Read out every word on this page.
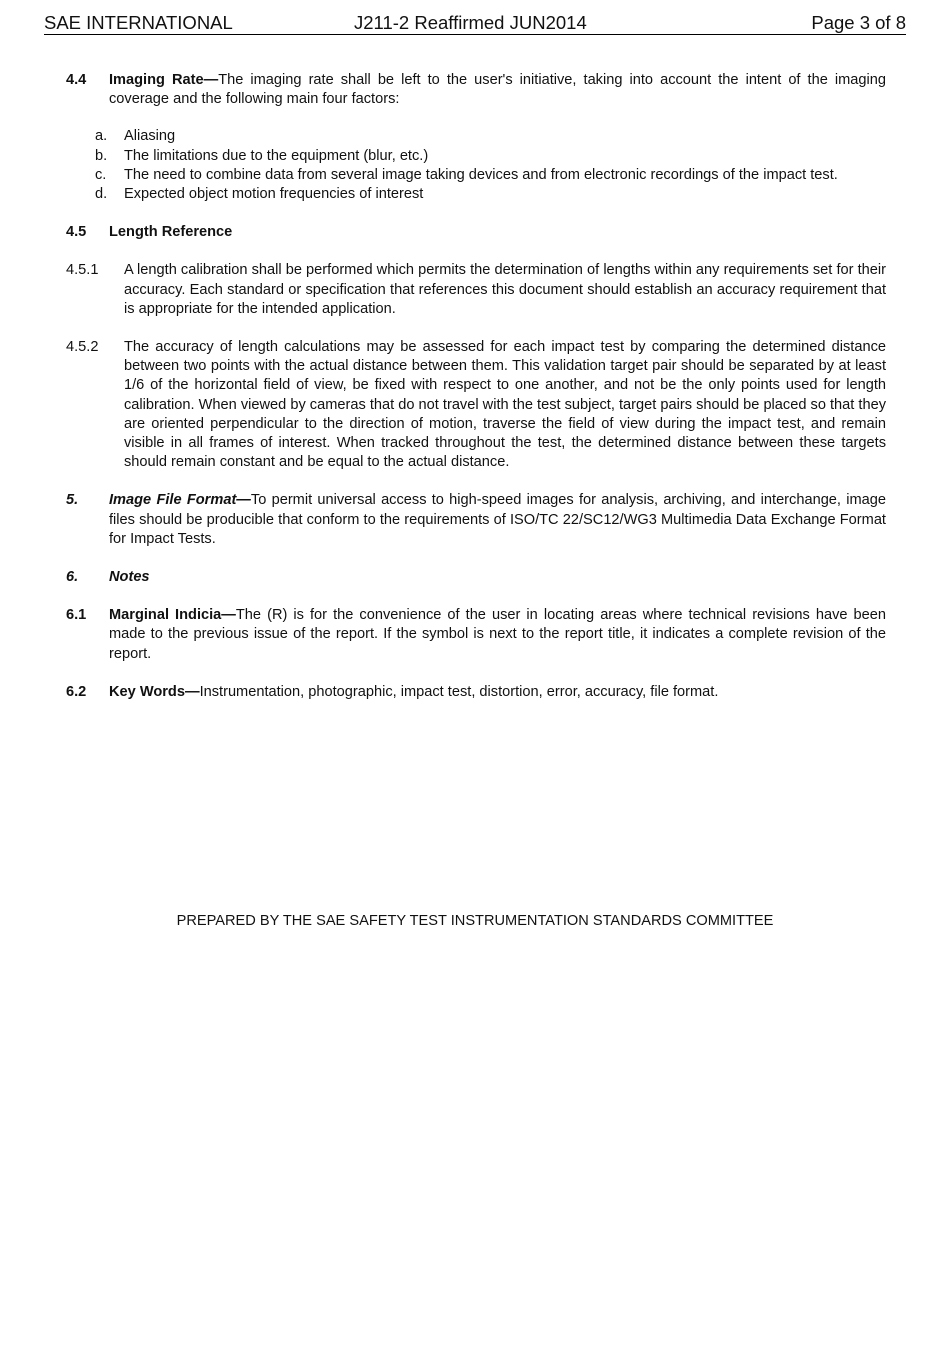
SAE INTERNATIONAL	J211-2 Reaffirmed JUN2014	Page 3 of 8
4.4 Imaging Rate—The imaging rate shall be left to the user's initiative, taking into account the intent of the imaging coverage and the following main four factors:
a. Aliasing
b. The limitations due to the equipment (blur, etc.)
c. The need to combine data from several image taking devices and from electronic recordings of the impact test.
d. Expected object motion frequencies of interest
4.5 Length Reference
4.5.1 A length calibration shall be performed which permits the determination of lengths within any requirements set for their accuracy. Each standard or specification that references this document should establish an accuracy requirement that is appropriate for the intended application.
4.5.2 The accuracy of length calculations may be assessed for each impact test by comparing the determined distance between two points with the actual distance between them. This validation target pair should be separated by at least 1/6 of the horizontal field of view, be fixed with respect to one another, and not be the only points used for length calibration. When viewed by cameras that do not travel with the test subject, target pairs should be placed so that they are oriented perpendicular to the direction of motion, traverse the field of view during the impact test, and remain visible in all frames of interest. When tracked throughout the test, the determined distance between these targets should remain constant and be equal to the actual distance.
5. Image File Format—To permit universal access to high-speed images for analysis, archiving, and interchange, image files should be producible that conform to the requirements of ISO/TC 22/SC12/WG3 Multimedia Data Exchange Format for Impact Tests.
6. Notes
6.1 Marginal Indicia—The (R) is for the convenience of the user in locating areas where technical revisions have been made to the previous issue of the report. If the symbol is next to the report title, it indicates a complete revision of the report.
6.2 Key Words—Instrumentation, photographic, impact test, distortion, error, accuracy, file format.
PREPARED BY THE SAE SAFETY TEST INSTRUMENTATION STANDARDS COMMITTEE
